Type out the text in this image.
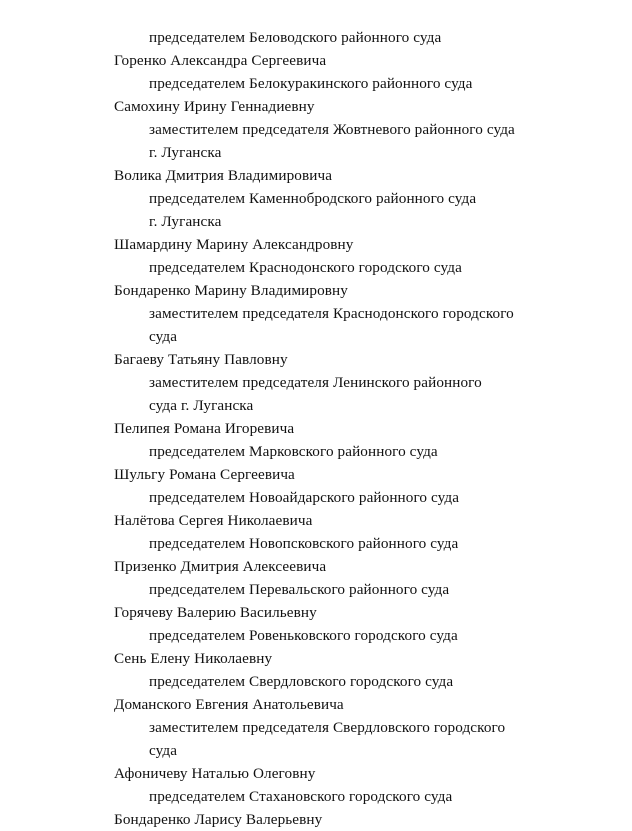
председателем Беловодского районного суда
Горенко Александра Сергеевича
председателем Белокуракинского районного суда
Самохину Ирину Геннадиевну
заместителем председателя Жовтневого районного суда
г. Луганска
Волика Дмитрия Владимировича
председателем Каменнобродского районного суда
г. Луганска
Шамардину Марину Александровну
председателем Краснодонского городского суда
Бондаренко Марину Владимировну
заместителем председателя Краснодонского городского
суда
Багаеву Татьяну Павловну
заместителем председателя Ленинского районного
суда г. Луганска
Пелипея Романа Игоревича
председателем Марковского районного суда
Шульгу Романа Сергеевича
председателем Новоайдарского районного суда
Налётова Сергея Николаевича
председателем Новопсковского районного суда
Призенко Дмитрия Алексеевича
председателем Перевальского районного суда
Горячеву Валерию Васильевну
председателем Ровеньковского городского суда
Сень Елену Николаевну
председателем Свердловского городского суда
Доманского Евгения Анатольевича
заместителем председателя Свердловского городского
суда
Афоничеву Наталью Олеговну
председателем Стахановского городского суда
Бондаренко Ларису Валерьевну
